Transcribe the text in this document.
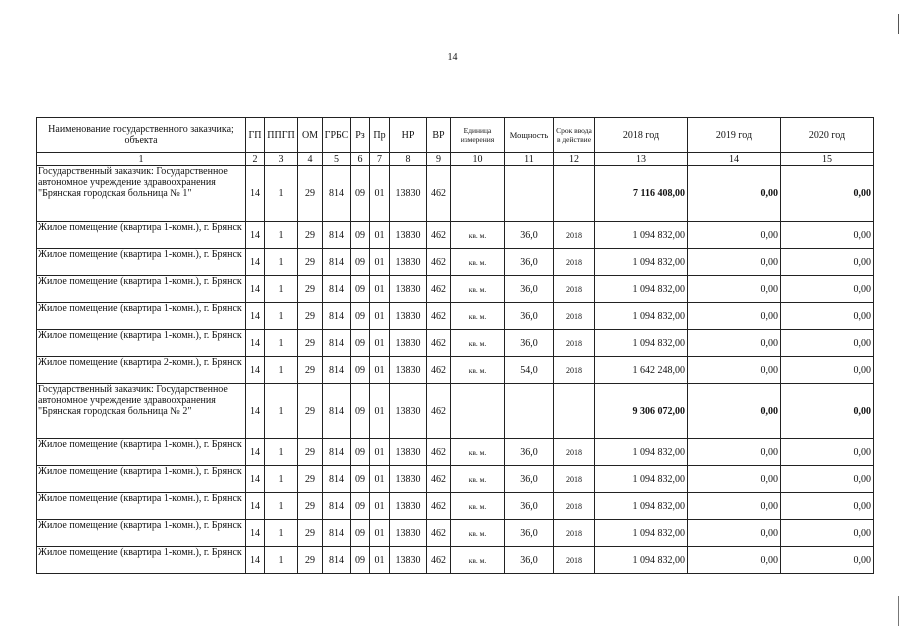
14
Наименование государственного заказчика; объекта	ГП	ППГП	ОМ	ГРБС	Рз	Пр	НР	ВР	Единица измерения	Мощность	Срок ввода в действие	2018 год	2019 год	2020 год
1	2	3	4	5	6	7	8	9	10	11	12	13	14	15
Государственный заказчик: Государственное автономное учреждение здравоохранения "Брянская городская больница № 1"	14	1	29	814	09	01	13830	462				7 116 408,00	0,00	0,00
Жилое помещение (квартира 1-комн.), г. Брянск	14	1	29	814	09	01	13830	462	кв. м.	36,0	2018	1 094 832,00	0,00	0,00
Жилое помещение (квартира 1-комн.), г. Брянск	14	1	29	814	09	01	13830	462	кв. м.	36,0	2018	1 094 832,00	0,00	0,00
Жилое помещение (квартира 1-комн.), г. Брянск	14	1	29	814	09	01	13830	462	кв. м.	36,0	2018	1 094 832,00	0,00	0,00
Жилое помещение (квартира 1-комн.), г. Брянск	14	1	29	814	09	01	13830	462	кв. м.	36,0	2018	1 094 832,00	0,00	0,00
Жилое помещение (квартира 1-комн.), г. Брянск	14	1	29	814	09	01	13830	462	кв. м.	36,0	2018	1 094 832,00	0,00	0,00
Жилое помещение (квартира 2-комн.), г. Брянск	14	1	29	814	09	01	13830	462	кв. м.	54,0	2018	1 642 248,00	0,00	0,00
Государственный заказчик: Государственное автономное учреждение здравоохранения "Брянская городская больница № 2"	14	1	29	814	09	01	13830	462				9 306 072,00	0,00	0,00
Жилое помещение (квартира 1-комн.), г. Брянск	14	1	29	814	09	01	13830	462	кв. м.	36,0	2018	1 094 832,00	0,00	0,00
Жилое помещение (квартира 1-комн.), г. Брянск	14	1	29	814	09	01	13830	462	кв. м.	36,0	2018	1 094 832,00	0,00	0,00
Жилое помещение (квартира 1-комн.), г. Брянск	14	1	29	814	09	01	13830	462	кв. м.	36,0	2018	1 094 832,00	0,00	0,00
Жилое помещение (квартира 1-комн.), г. Брянск	14	1	29	814	09	01	13830	462	кв. м.	36,0	2018	1 094 832,00	0,00	0,00
Жилое помещение (квартира 1-комн.), г. Брянск	14	1	29	814	09	01	13830	462	кв. м.	36,0	2018	1 094 832,00	0,00	0,00
